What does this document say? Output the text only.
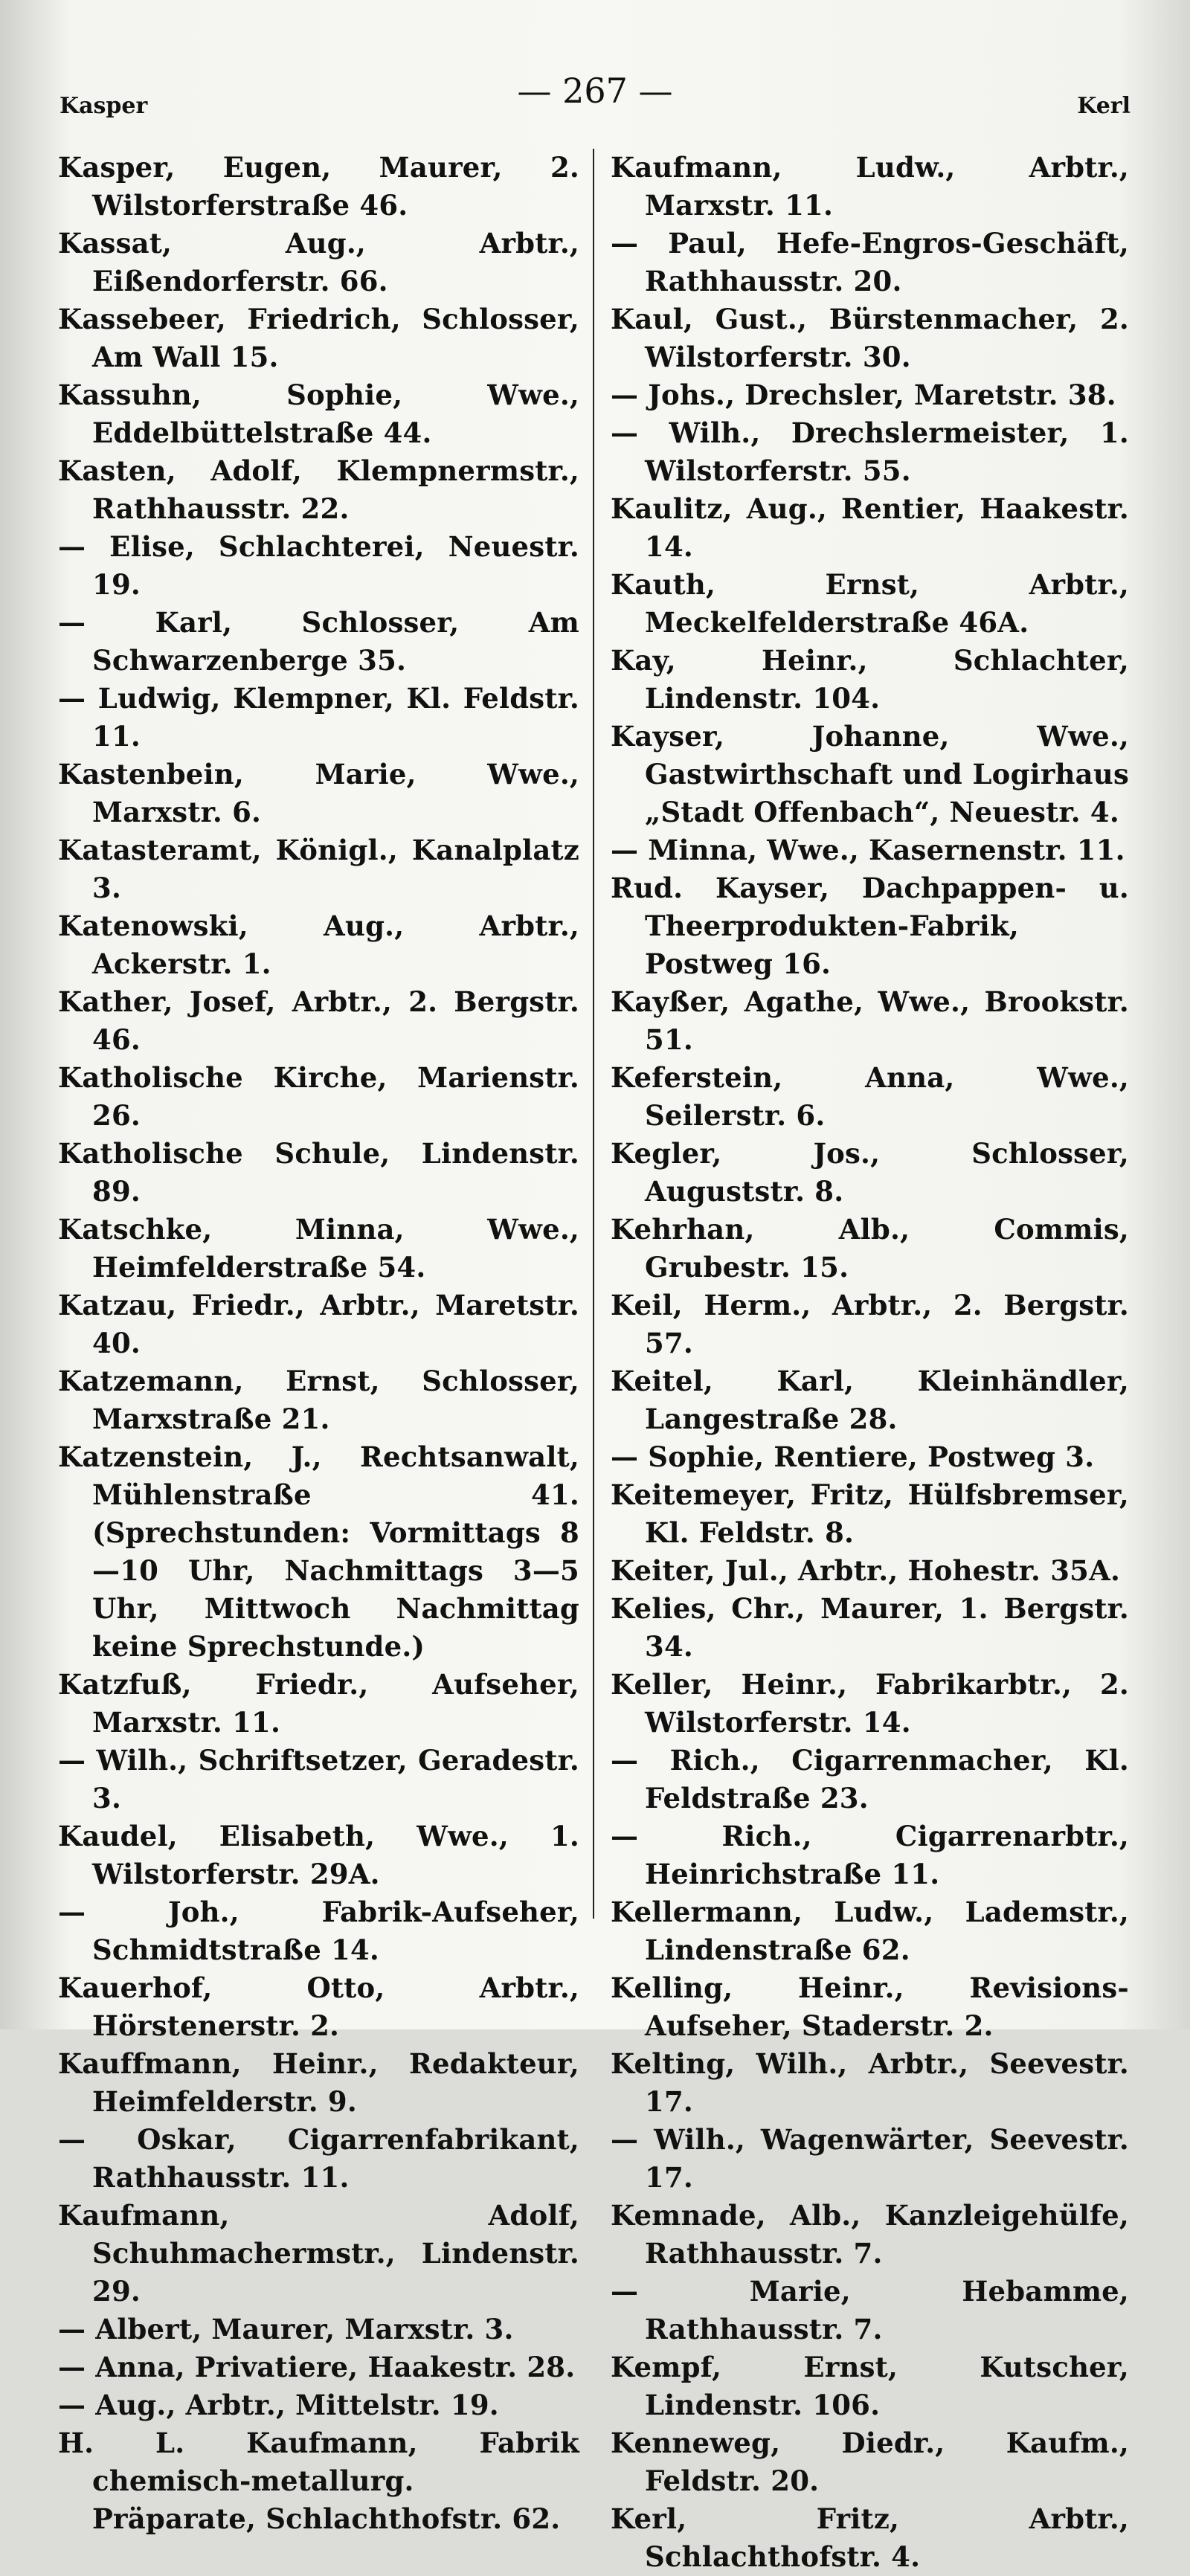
Kasper	— 267 —	Kerl

Kasper, Eugen, Maurer, 2. Wilstorferstraße 46.

Kassat, Aug., Arbtr., Eißendorferstr. 66.

Kassebeer, Friedrich, Schlosser, Am Wall 15.

Kassuhn, Sophie, Wwe., Eddelbüttelstraße 44.

Kasten, Adolf, Klempnermstr., Rathhausstr. 22.

— Elise, Schlachterei, Neuestr. 19.

— Karl, Schlosser, Am Schwarzenberge 35.

— Ludwig, Klempner, Kl. Feldstr. 11.

Kastenbein, Marie, Wwe., Marxstr. 6.

Katasteramt, Königl., Kanalplatz 3.

Katenowski, Aug., Arbtr., Ackerstr. 1.

Kather, Josef, Arbtr., 2. Bergstr. 46.

Katholische Kirche, Marienstr. 26.

Katholische Schule, Lindenstr. 89.

Katschke, Minna, Wwe., Heimfelderstraße 54.

Katzau, Friedr., Arbtr., Maretstr. 40.

Katzemann, Ernst, Schlosser, Marxstraße 21.

Katzenstein, J., Rechtsanwalt, Mühlenstraße 41. (Sprechstunden: Vormittags 8—10 Uhr, Nachmittags 3—5 Uhr, Mittwoch Nachmittag keine Sprechstunde.)

Katzfuß, Friedr., Aufseher, Marxstr. 11.

— Wilh., Schriftsetzer, Geradestr. 3.

Kaudel, Elisabeth, Wwe., 1. Wilstorferstr. 29A.

— Joh., Fabrik-Aufseher, Schmidtstraße 14.

Kauerhof, Otto, Arbtr., Hörstenerstr. 2.

Kauffmann, Heinr., Redakteur, Heimfelderstr. 9.

— Oskar, Cigarrenfabrikant, Rathhausstr. 11.

Kaufmann, Adolf, Schuhmachermstr., Lindenstr. 29.

— Albert, Maurer, Marxstr. 3.

— Anna, Privatiere, Haakestr. 28.

— Aug., Arbtr., Mittelstr. 19.

H. L. Kaufmann, Fabrik chemisch-metallurg. Präparate, Schlachthofstr. 62.

Kaufmann, Ludw., Arbtr., Marxstr. 11.

— Paul, Hefe-Engros-Geschäft, Rathhausstr. 20.

Kaul, Gust., Bürstenmacher, 2. Wilstorferstr. 30.

— Johs., Drechsler, Maretstr. 38.

— Wilh., Drechslermeister, 1. Wilstorferstr. 55.

Kaulitz, Aug., Rentier, Haakestr. 14.

Kauth, Ernst, Arbtr., Meckelfelderstraße 46A.

Kay, Heinr., Schlachter, Lindenstr. 104.

Kayser, Johanne, Wwe., Gastwirthschaft und Logirhaus „Stadt Offenbach“, Neuestr. 4.

— Minna, Wwe., Kasernenstr. 11.

Rud. Kayser, Dachpappen- u. Theerprodukten-Fabrik, Postweg 16.

Kayßer, Agathe, Wwe., Brookstr. 51.

Keferstein, Anna, Wwe., Seilerstr. 6.

Kegler, Jos., Schlosser, Auguststr. 8.

Kehrhan, Alb., Commis, Grubestr. 15.

Keil, Herm., Arbtr., 2. Bergstr. 57.

Keitel, Karl, Kleinhändler, Langestraße 28.

— Sophie, Rentiere, Postweg 3.

Keitemeyer, Fritz, Hülfsbremser, Kl. Feldstr. 8.

Keiter, Jul., Arbtr., Hohestr. 35A.

Kelies, Chr., Maurer, 1. Bergstr. 34.

Keller, Heinr., Fabrikarbtr., 2. Wilstorferstr. 14.

— Rich., Cigarrenmacher, Kl. Feldstraße 23.

— Rich., Cigarrenarbtr., Heinrichstraße 11.

Kellermann, Ludw., Lademstr., Lindenstraße 62.

Kelling, Heinr., Revisions-Aufseher, Staderstr. 2.

Kelting, Wilh., Arbtr., Seevestr. 17.

— Wilh., Wagenwärter, Seevestr. 17.

Kemnade, Alb., Kanzleigehülfe, Rathhausstr. 7.

— Marie, Hebamme, Rathhausstr. 7.

Kempf, Ernst, Kutscher, Lindenstr. 106.

Kenneweg, Diedr., Kaufm., Feldstr. 20.

Kerl, Fritz, Arbtr., Schlachthofstr. 4.
